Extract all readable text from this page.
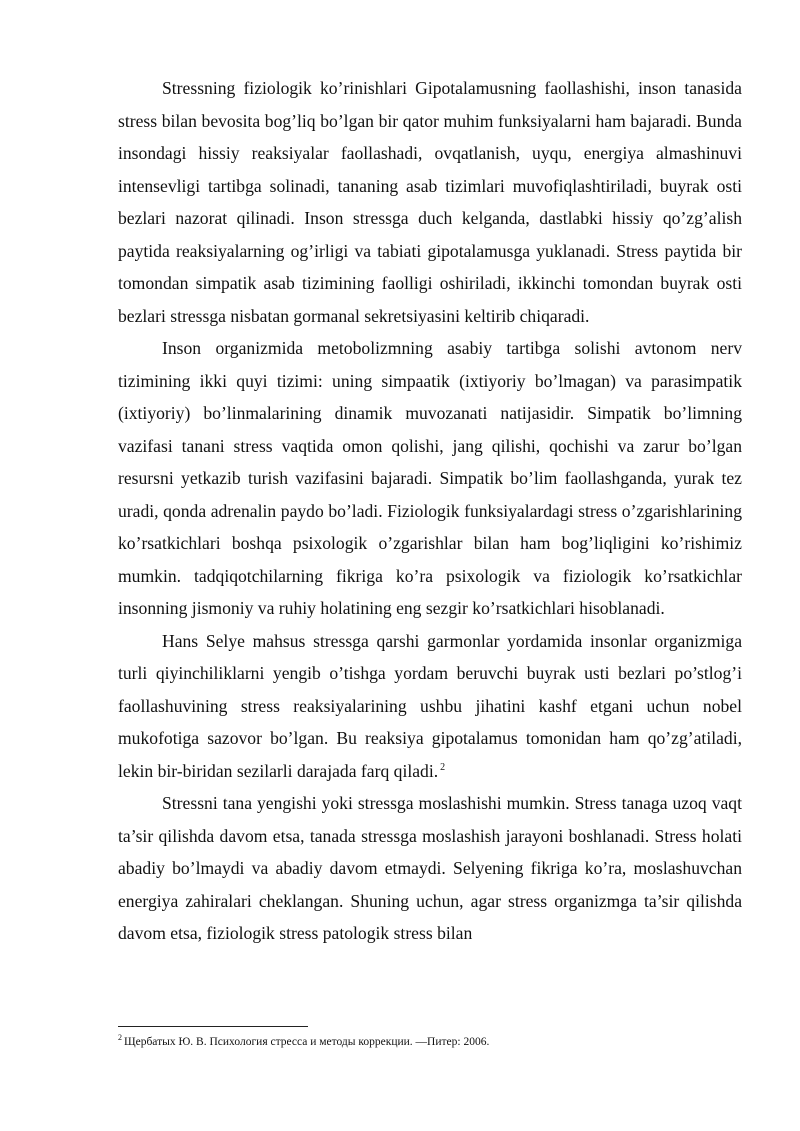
Stressning fiziologik ko’rinishlari Gipotalamusning faollashishi, inson tanasida stress bilan bevosita bog’liq bo’lgan bir qator muhim funksiyalarni ham bajaradi. Bunda insondagi hissiy reaksiyalar faollashadi, ovqatlanish, uyqu, energiya almashinuvi intensevligi tartibga solinadi, tananing asab tizimlari muvofiqlashtiriladi, buyrak osti bezlari nazorat qilinadi. Inson stressga duch kelganda, dastlabki hissiy qo’zg’alish paytida reaksiyalarning og’irligi va tabiati gipotalamusga yuklanadi. Stress paytida bir tomondan simpatik asab tizimining faolligi oshiriladi, ikkinchi tomondan buyrak osti bezlari stressga nisbatan gormanal sekretsiyasini keltirib chiqaradi.

Inson organizmida metobolizmning asabiy tartibga solishi avtonom nerv tizimining ikki quyi tizimi: uning simpaatik (ixtiyoriy bo’lmagan) va parasimpatik (ixtiyoriy) bo’linmalarining dinamik muvozanati natijasidir. Simpatik bo’limning vazifasi tanani stress vaqtida omon qolishi, jang qilishi, qochishi va zarur bo’lgan resursni yetkazib turish vazifasini bajaradi. Simpatik bo’lim faollashganda, yurak tez uradi, qonda adrenalin paydo bo’ladi. Fiziologik funksiyalardagi stress o’zgarishlarining ko’rsatkichlari boshqa psixologik o’zgarishlar bilan ham bog’liqligini ko’rishimiz mumkin. tadqiqotchilarning fikriga ko’ra psixologik va fiziologik ko’rsatkichlar insonning jismoniy va ruhiy holatining eng sezgir ko’rsatkichlari hisoblanadi.

Hans Selye mahsus stressga qarshi garmonlar yordamida insonlar organizmiga turli qiyinchiliklarni yengib o’tishga yordam beruvchi buyrak usti bezlari po’stlog’i faollashuvining stress reaksiyalarining ushbu jihatini kashf etgani uchun nobel mukofotiga sazovor bo’lgan. Bu reaksiya gipotalamus tomonidan ham qo’zg’atiladi, lekin bir-biridan sezilarli darajada farq qiladi. $^2$

Stressni tana yengishi yoki stressga moslashishi mumkin. Stress tanaga uzoq vaqt ta’sir qilishda davom etsa, tanada stressga moslashish jarayoni boshlanadi. Stress holati abadiy bo’lmaydi va abadiy davom etmaydi. Selyening fikriga ko’ra, moslashuvchan energiya zahiralari cheklangan. Shuning uchun, agar stress organizmga ta’sir qilishda davom etsa, fiziologik stress patologik stress bilan

$^2$ Щербатых Ю. В. Психология стресса и методы коррекции. —Питер: 2006.
